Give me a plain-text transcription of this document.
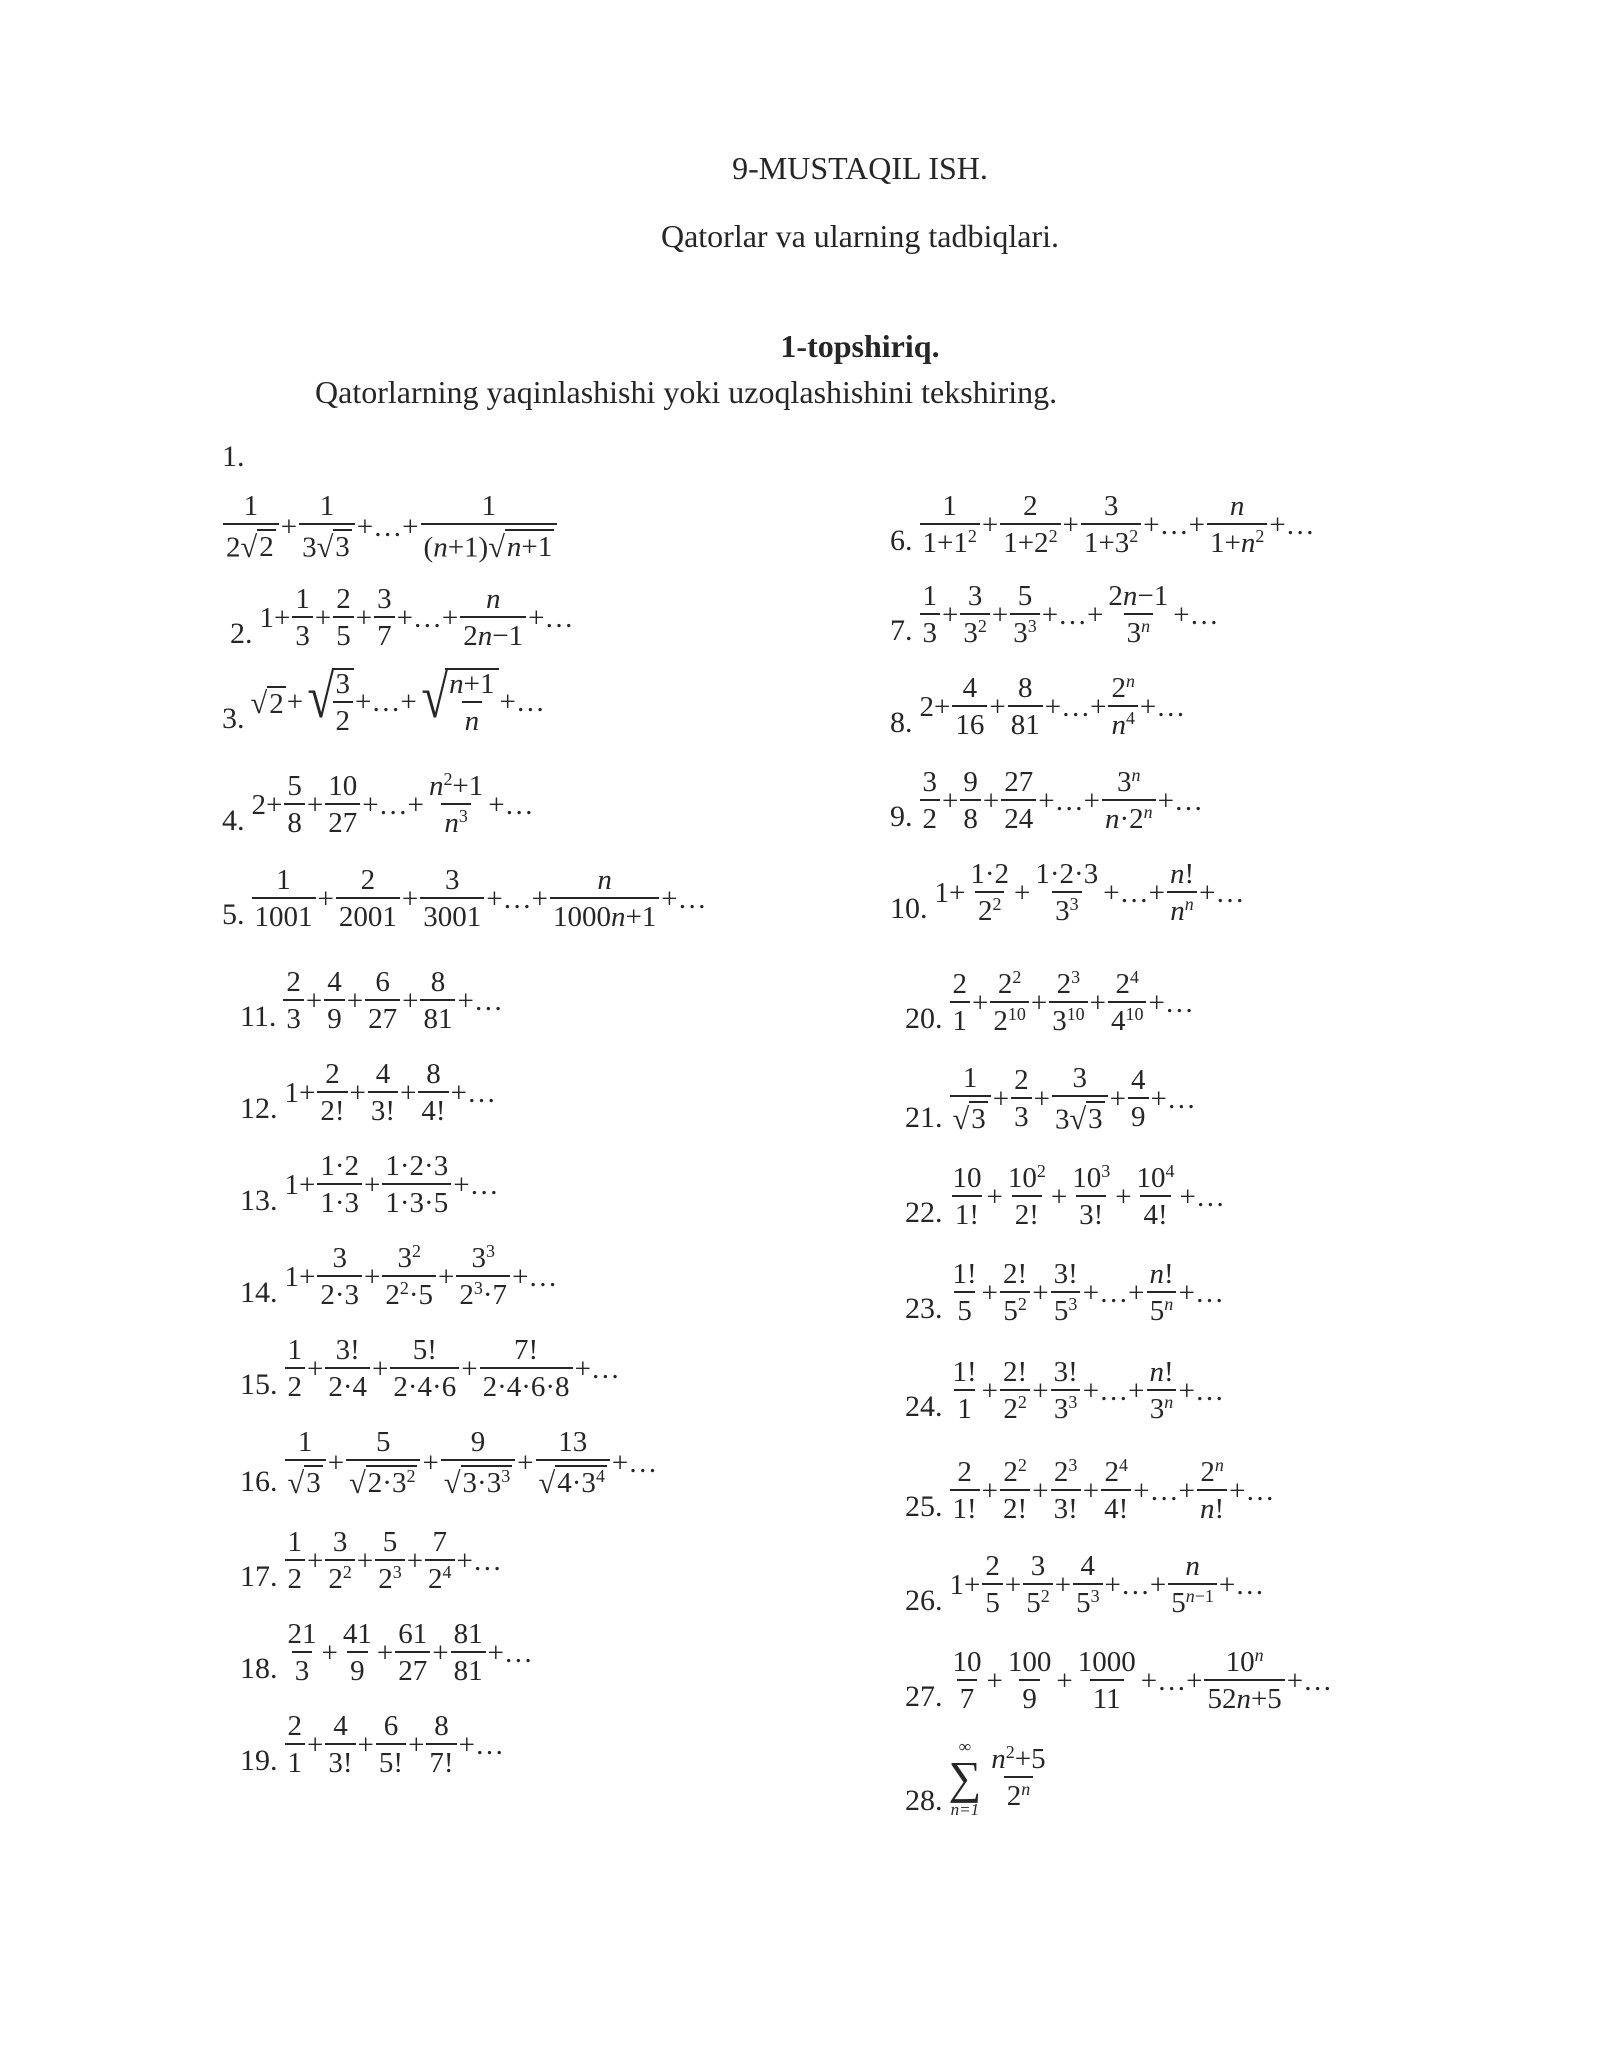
9-MUSTAQIL ISH.
Qatorlar va ularning tadbiqlari.
1-topshiriq.
Qatorlarning yaqinlashishi yoki uzoqlashishini tekshiring.
1.
$\frac{1}{2 √ 2} + \frac{1}{3 √ 3}$ +…+ $\frac{1}{(n+1) √ n+1}$
2. $1+ \frac{1}{3} + \frac{2}{5} + \frac{3}{7}$ +…+ $\frac{n}{2n-1}$ +…
3. √ 2 + √
$\frac{3}{2}$ +…+ √
$\frac{n+1}{n}$ +…
4. $2+ \frac{5}{8} + \frac{10}{27}$ +…+ $\frac{n^2+1}{n^3}$ +…
5. $\frac{1}{1001} + \frac{2}{2001} + \frac{3}{3001}$ +…+ $\frac{n}{1000n+1}$ +…
6. $\frac{1}{1+1^2} + \frac{2}{1+2^2} + \frac{3}{1+3^2}$ +…+ $\frac{n}{1+n^2}$ +…
7. $\frac{1}{3} + \frac{3}{3^2} + \frac{5}{3^3}$ +…+ $\frac{2n-1}{3^n}$ +…
8. $2+ \frac{4}{16} + \frac{8}{81}$ +…+ $\frac{2^n}{n^4}$ +…
9. $\frac{3}{2} + \frac{9}{8} + \frac{27}{24}$ +…+ $\frac{3^n}{n\cdot 2^n}$ +…
10. $1+ \frac{1\cdot 2}{2^2} + \frac{1\cdot 2\cdot 3}{3^3}$ +…+ $\frac{n!}{n^n}$ +…
11. $\frac{2}{3} + \frac{4}{9} + \frac{6}{27} + \frac{8}{81}$ +…
12. $1+ \frac{2}{2!} + \frac{4}{3!} + \frac{8}{4!}$ +…
13. $1+ \frac{1\cdot 2}{1\cdot 3} + \frac{1\cdot 2\cdot 3}{1\cdot 3\cdot 5}$ +…
14. $1+ \frac{3}{2\cdot 3} + \frac{3^2}{2^2\cdot 5} + \frac{3^3}{2^3\cdot 7}$ +…
15. $\frac{1}{2} + \frac{3!}{2\cdot 4} + \frac{5!}{2\cdot 4\cdot 6} + \frac{7!}{2\cdot 4\cdot 6\cdot 8}$ +…
16. $\frac{1}{√ 3} + \frac{5}{√ 2\cdot 3^2} + \frac{9}{√ 3\cdot 3^3} + \frac{13}{√ 4\cdot 3^4}$ +…
17. $\frac{1}{2} + \frac{3}{2^2} + \frac{5}{2^3} + \frac{7}{2^4}$ +…
18. $\frac{21}{3} + \frac{41}{9} + \frac{61}{27} + \frac{81}{81}$ +…
19. $\frac{2}{1} + \frac{4}{3!} + \frac{6}{5!} + \frac{8}{7!}$ +…
20. $\frac{2}{1} + \frac{2^2}{2^{10}} + \frac{2^3}{3^{10}} + \frac{2^4}{4^{10}}$ +…
21. $\frac{1}{√ 3} + \frac{2}{3} + \frac{3}{3 √ 3} + \frac{4}{9}$ +…
22. $\frac{10}{1!} + \frac{10^2}{2!} + \frac{10^3}{3!} + \frac{10^4}{4!}$ +…
23. $\frac{1!}{5} + \frac{2!}{5^2} + \frac{3!}{5^3}$ +…+ $\frac{n!}{5^n}$ +…
24. $\frac{1!}{1} + \frac{2!}{2^2} + \frac{3!}{3^3}$ +…+ $\frac{n!}{3^n}$ +…
25. $\frac{2}{1!} + \frac{2^2}{2!} + \frac{2^3}{3!} + \frac{2^4}{4!}$ +…+ $\frac{2^n}{n!}$ +…
26. $1+ \frac{2}{5} + \frac{3}{5^2} + \frac{4}{5^3}$ +…+ $\frac{n}{5^{n-1}}$ +…
27. $\frac{10}{7} + \frac{100}{9} + \frac{1000}{11}$ +…+ $\frac{10^n}{52n+5}$ +…
28.
∞
∑
$n=1 \frac{n^2+5}{2^n}$
